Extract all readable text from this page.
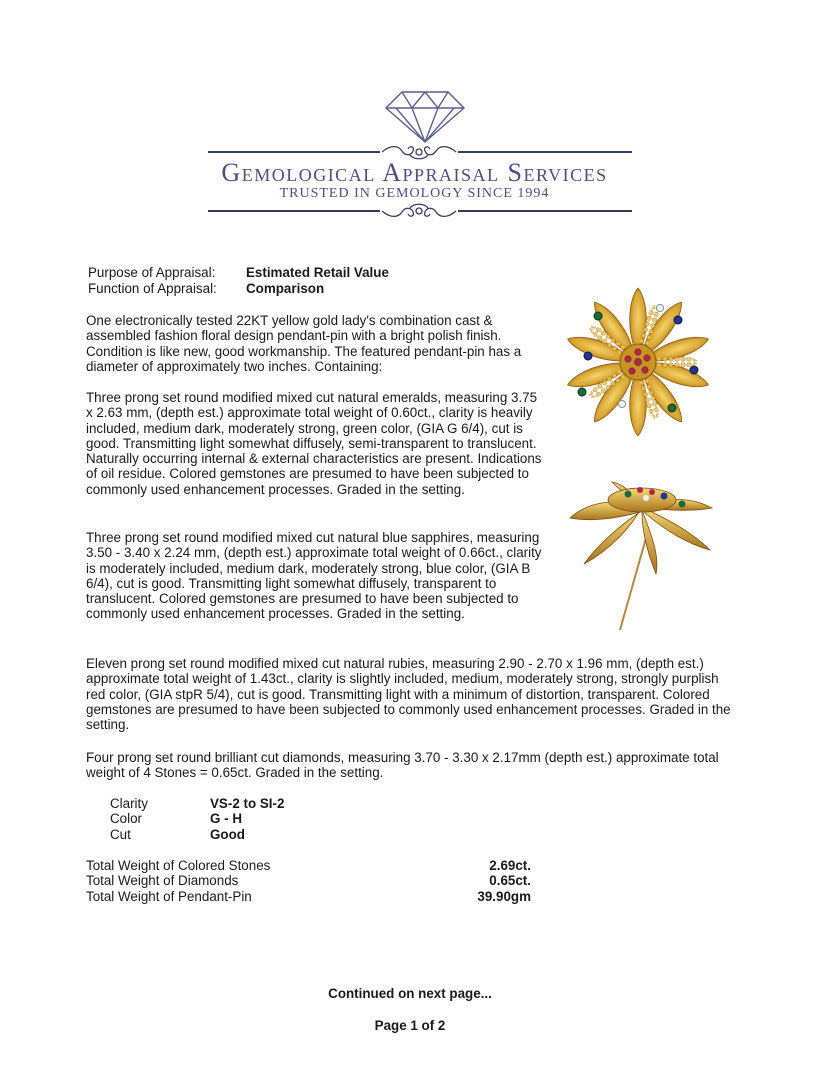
Gemological Appraisal Services
TRUSTED IN GEMOLOGY SINCE 1994
Purpose of Appraisal: Estimated Retail Value
Function of Appraisal: Comparison

One electronically tested 22KT yellow gold lady's combination cast & assembled fashion floral design pendant-pin with a bright polish finish. Condition is like new, good workmanship. The featured pendant-pin has a diameter of approximately two inches. Containing:

Three prong set round modified mixed cut natural emeralds, measuring 3.75 x 2.63 mm, (depth est.) approximate total weight of 0.60ct., clarity is heavily included, medium dark, moderately strong, green color, (GIA G 6/4), cut is good. Transmitting light somewhat diffusely, semi-transparent to translucent. Naturally occurring internal & external characteristics are present. Indications of oil residue. Colored gemstones are presumed to have been subjected to commonly used enhancement processes. Graded in the setting.

Three prong set round modified mixed cut natural blue sapphires, measuring 3.50 - 3.40 x 2.24 mm, (depth est.) approximate total weight of 0.66ct., clarity is moderately included, medium dark, moderately strong, blue color, (GIA B 6/4), cut is good. Transmitting light somewhat diffusely, transparent to translucent. Colored gemstones are presumed to have been subjected to commonly used enhancement processes. Graded in the setting.

Eleven prong set round modified mixed cut natural rubies, measuring 2.90 - 2.70 x 1.96 mm, (depth est.) approximate total weight of 1.43ct., clarity is slightly included, medium, moderately strong, strongly purplish red color, (GIA stpR 5/4), cut is good. Transmitting light with a minimum of distortion, transparent. Colored gemstones are presumed to have been subjected to commonly used enhancement processes. Graded in the setting.

Four prong set round brilliant cut diamonds, measuring 3.70 - 3.30 x 2.17mm (depth est.) approximate total weight of 4 Stones = 0.65ct. Graded in the setting.

Clarity	VS-2 to SI-2
Color	G - H
Cut	Good
Total Weight of Colored Stones	2.69ct.
Total Weight of Diamonds	0.65ct.
Total Weight of Pendant-Pin	39.90gm
Continued on next page...
Page 1 of 2
